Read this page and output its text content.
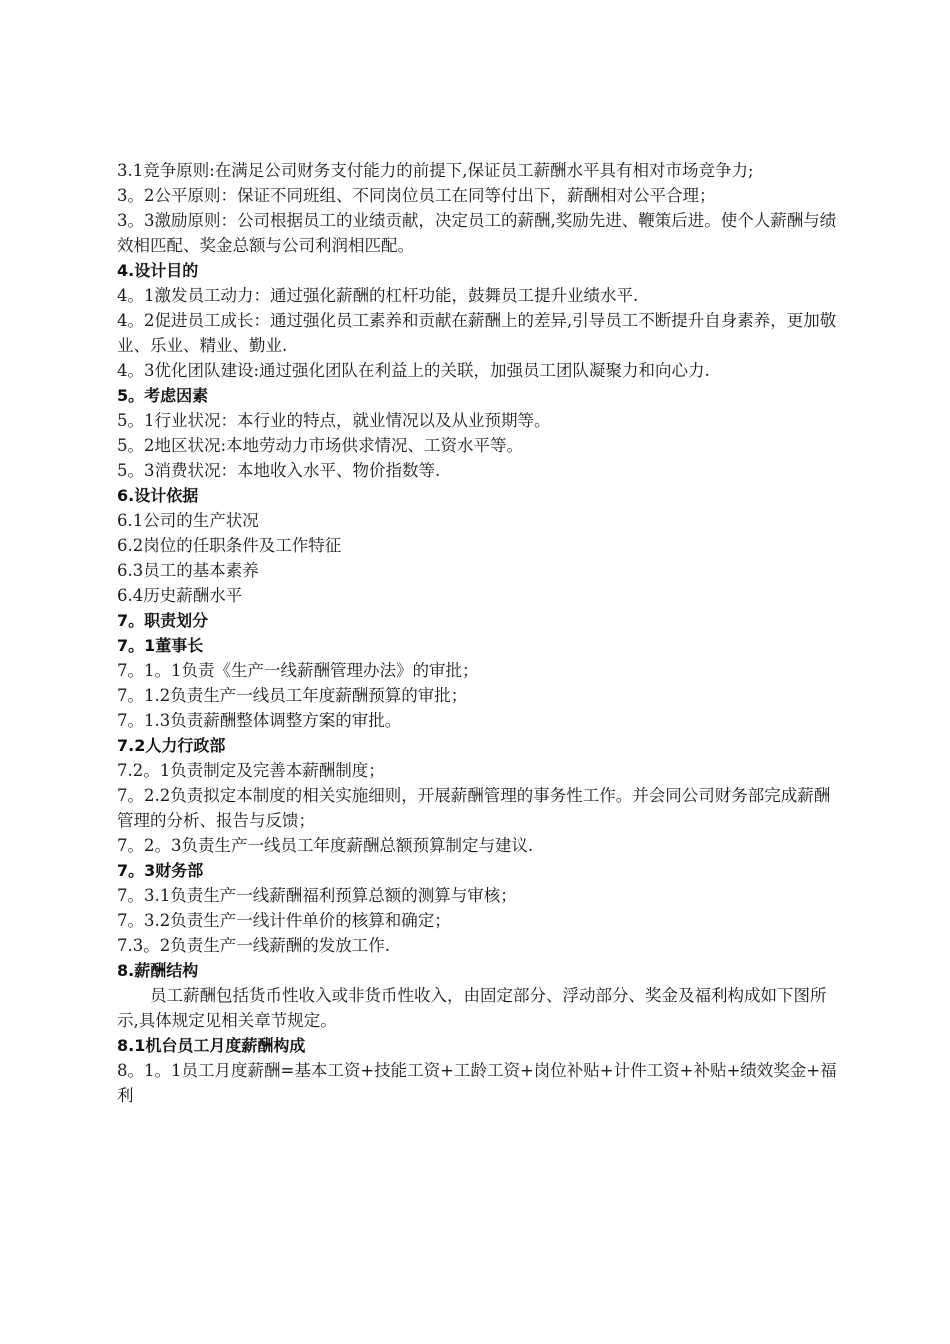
3.1竞争原则:在满足公司财务支付能力的前提下,保证员工薪酬水平具有相对市场竞争力;

3。2公平原则：保证不同班组、不同岗位员工在同等付出下，薪酬相对公平合理；

3。3激励原则：公司根据员工的业绩贡献，决定员工的薪酬,奖励先进、鞭策后进。使个人薪酬与绩效相匹配、奖金总额与公司利润相匹配。

4.设计目的

4。1激发员工动力：通过强化薪酬的杠杆功能，鼓舞员工提升业绩水平.

4。2促进员工成长：通过强化员工素养和贡献在薪酬上的差异,引导员工不断提升自身素养，更加敬业、乐业、精业、勤业.

4。3优化团队建设:通过强化团队在利益上的关联，加强员工团队凝聚力和向心力.

5。考虑因素

5。1行业状况：本行业的特点，就业情况以及从业预期等。

5。2地区状况:本地劳动力市场供求情况、工资水平等。

5。3消费状况：本地收入水平、物价指数等.

6.设计依据

6.1公司的生产状况

6.2岗位的任职条件及工作特征

6.3员工的基本素养

6.4历史薪酬水平

7。职责划分

7。1董事长

7。1。1负责《生产一线薪酬管理办法》的审批；

7。1.2负责生产一线员工年度薪酬预算的审批；

7。1.3负责薪酬整体调整方案的审批。

7.2人力行政部

7.2。1负责制定及完善本薪酬制度；

7。2.2负责拟定本制度的相关实施细则，开展薪酬管理的事务性工作。并会同公司财务部完成薪酬管理的分析、报告与反馈；

7。2。3负责生产一线员工年度薪酬总额预算制定与建议.

7。3财务部

7。3.1负责生产一线薪酬福利预算总额的测算与审核；

7。3.2负责生产一线计件单价的核算和确定；

7.3。2负责生产一线薪酬的发放工作.

8.薪酬结构

员工薪酬包括货币性收入或非货币性收入，由固定部分、浮动部分、奖金及福利构成如下图所示,具体规定见相关章节规定。

8.1机台员工月度薪酬构成

8。1。1员工月度薪酬=基本工资+技能工资+工龄工资+岗位补贴+计件工资+补贴+绩效奖金+福利
